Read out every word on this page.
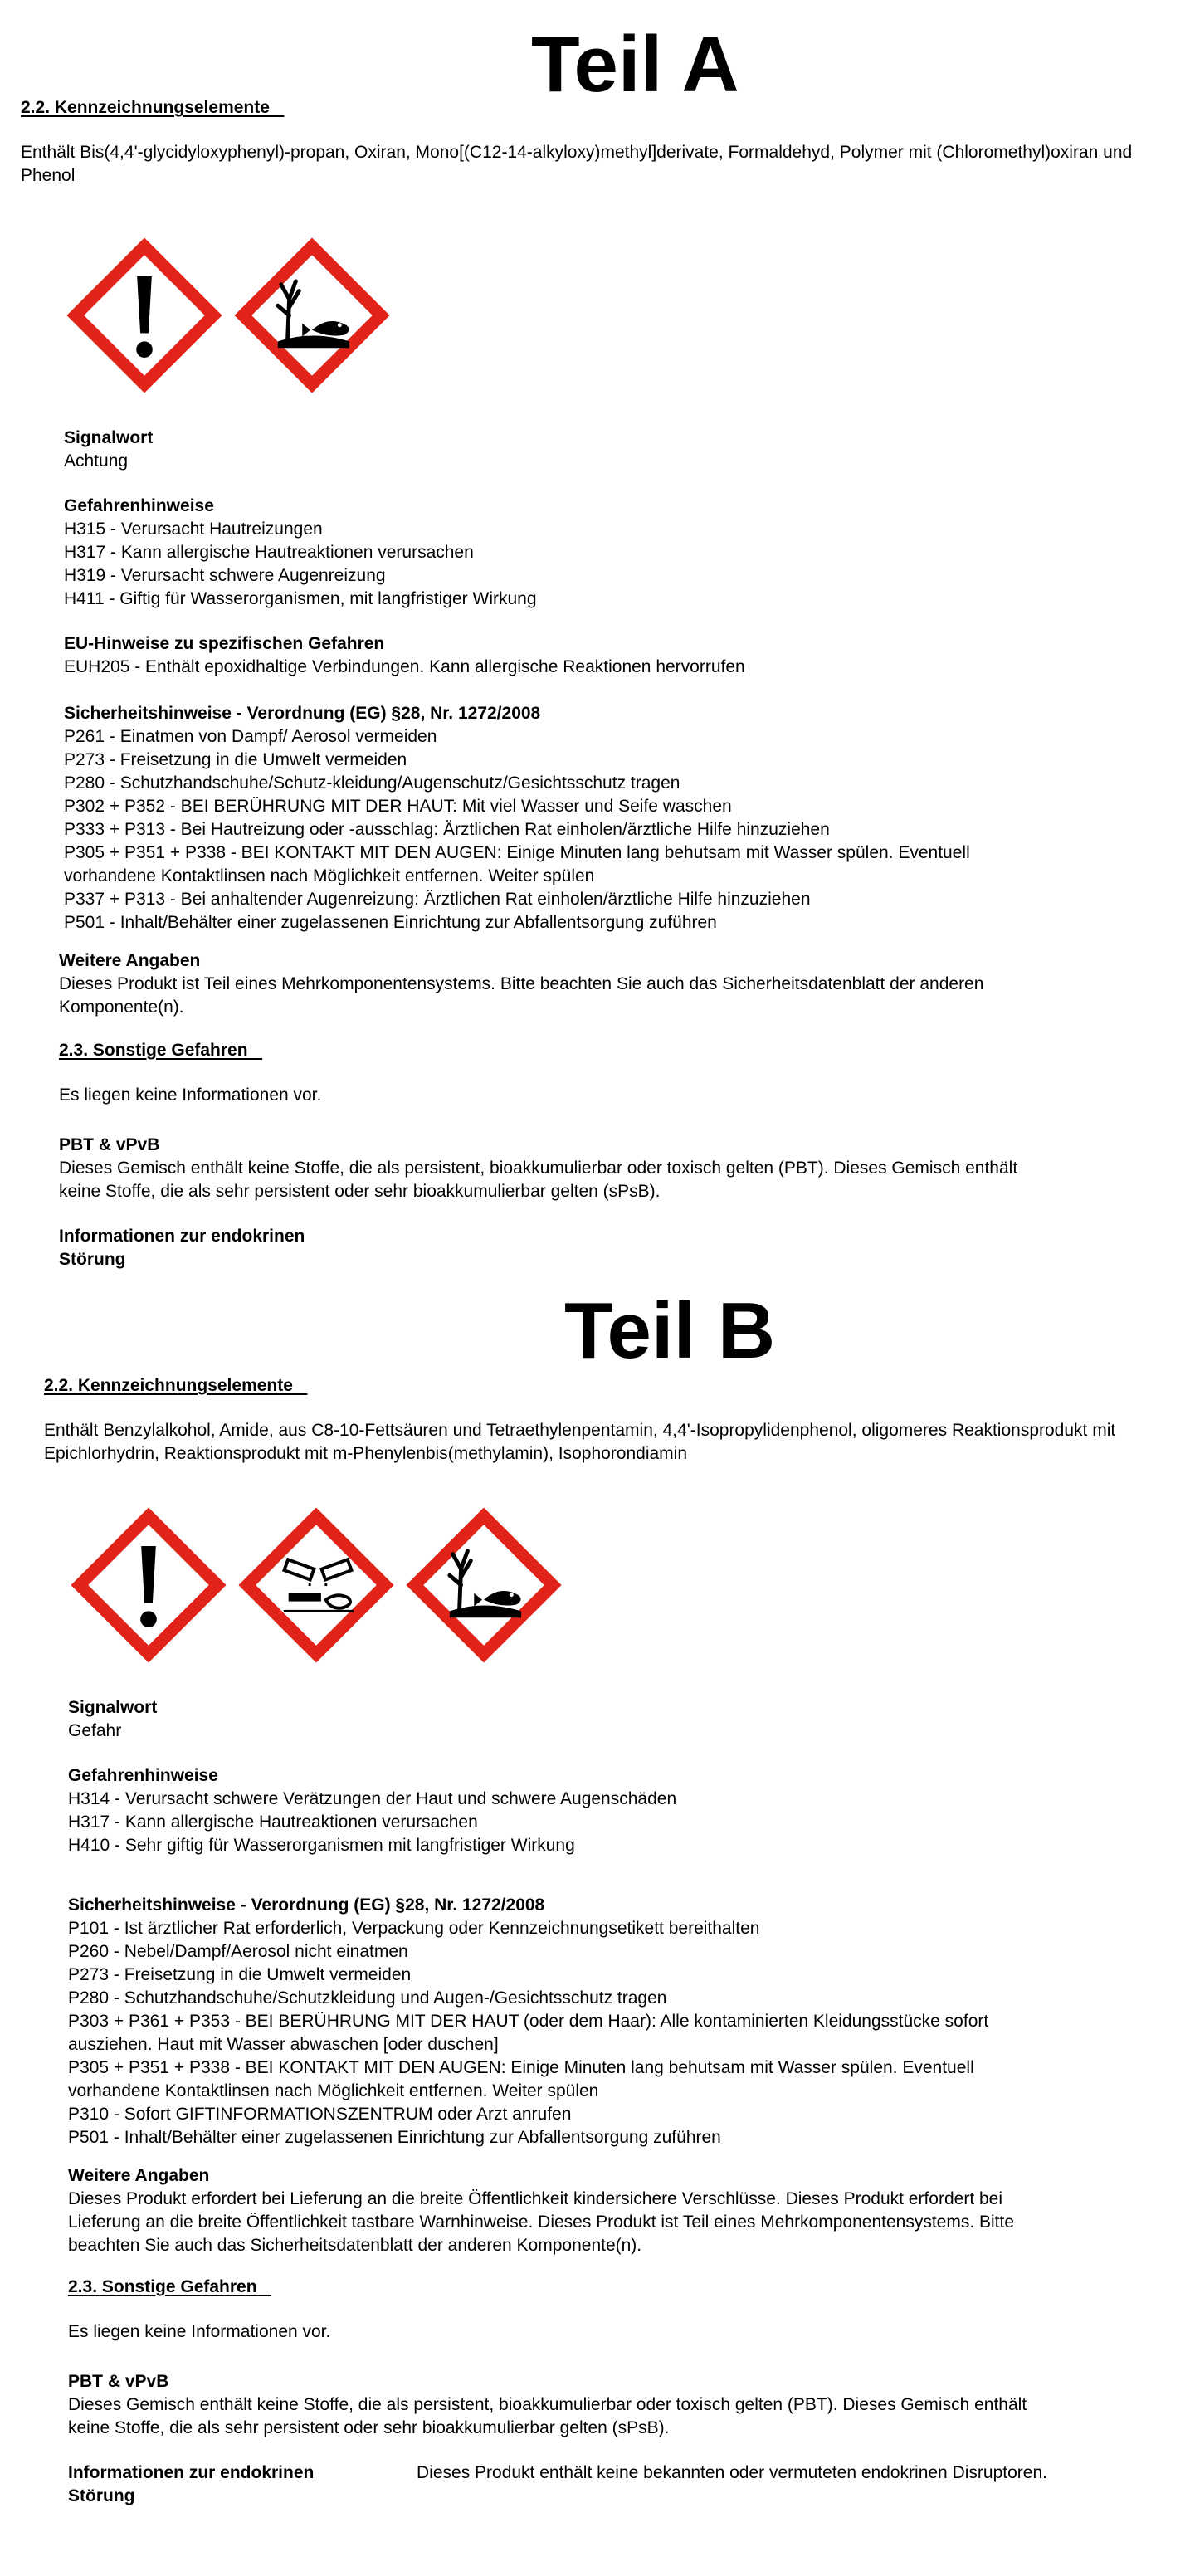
Teil A
2.2. Kennzeichnungselemente
Enthält Bis(4,4'-glycidyloxyphenyl)-propan, Oxiran, Mono[(C12-14-alkyloxy)methyl]derivate, Formaldehyd, Polymer mit (Chloromethyl)oxiran und Phenol
Signalwort
Achtung
Gefahrenhinweise
H315 - Verursacht Hautreizungen
H317 - Kann allergische Hautreaktionen verursachen
H319 - Verursacht schwere Augenreizung
H411 - Giftig für Wasserorganismen, mit langfristiger Wirkung
EU-Hinweise zu spezifischen Gefahren
EUH205 - Enthält epoxidhaltige Verbindungen. Kann allergische Reaktionen hervorrufen
Sicherheitshinweise - Verordnung (EG) §28, Nr. 1272/2008
P261 - Einatmen von Dampf/ Aerosol vermeiden
P273 - Freisetzung in die Umwelt vermeiden
P280 - Schutzhandschuhe/Schutz-kleidung/Augenschutz/Gesichtsschutz tragen
P302 + P352 - BEI BERÜHRUNG MIT DER HAUT: Mit viel Wasser und Seife waschen
P333 + P313 - Bei Hautreizung oder -ausschlag: Ärztlichen Rat einholen/ärztliche Hilfe hinzuziehen
P305 + P351 + P338 - BEI KONTAKT MIT DEN AUGEN: Einige Minuten lang behutsam mit Wasser spülen. Eventuell
vorhandene Kontaktlinsen nach Möglichkeit entfernen. Weiter spülen
P337 + P313 - Bei anhaltender Augenreizung: Ärztlichen Rat einholen/ärztliche Hilfe hinzuziehen
P501 - Inhalt/Behälter einer zugelassenen Einrichtung zur Abfallentsorgung zuführen
Weitere Angaben
Dieses Produkt ist Teil eines Mehrkomponentensystems. Bitte beachten Sie auch das Sicherheitsdatenblatt der anderen
Komponente(n).
2.3. Sonstige Gefahren
Es liegen keine Informationen vor.
PBT & vPvB
Dieses Gemisch enthält keine Stoffe, die als persistent, bioakkumulierbar oder toxisch gelten (PBT). Dieses Gemisch enthält
keine Stoffe, die als sehr persistent oder sehr bioakkumulierbar gelten (sPsB).
Informationen zur endokrinen
Störung
Teil B
2.2. Kennzeichnungselemente
Enthält Benzylalkohol, Amide, aus C8-10-Fettsäuren und Tetraethylenpentamin, 4,4'-Isopropylidenphenol, oligomeres Reaktionsprodukt mit Epichlorhydrin, Reaktionsprodukt mit m-Phenylenbis(methylamin), Isophorondiamin
Signalwort
Gefahr
Gefahrenhinweise
H314 - Verursacht schwere Verätzungen der Haut und schwere Augenschäden
H317 - Kann allergische Hautreaktionen verursachen
H410 - Sehr giftig für Wasserorganismen mit langfristiger Wirkung
Sicherheitshinweise - Verordnung (EG) §28, Nr. 1272/2008
P101 - Ist ärztlicher Rat erforderlich, Verpackung oder Kennzeichnungsetikett bereithalten
P260 - Nebel/Dampf/Aerosol nicht einatmen
P273 - Freisetzung in die Umwelt vermeiden
P280 - Schutzhandschuhe/Schutzkleidung und Augen-/Gesichtsschutz tragen
P303 + P361 + P353 - BEI BERÜHRUNG MIT DER HAUT (oder dem Haar): Alle kontaminierten Kleidungsstücke sofort
ausziehen. Haut mit Wasser abwaschen [oder duschen]
P305 + P351 + P338 - BEI KONTAKT MIT DEN AUGEN: Einige Minuten lang behutsam mit Wasser spülen. Eventuell
vorhandene Kontaktlinsen nach Möglichkeit entfernen. Weiter spülen
P310 - Sofort GIFTINFORMATIONSZENTRUM oder Arzt anrufen
P501 - Inhalt/Behälter einer zugelassenen Einrichtung zur Abfallentsorgung zuführen
Weitere Angaben
Dieses Produkt erfordert bei Lieferung an die breite Öffentlichkeit kindersichere Verschlüsse. Dieses Produkt erfordert bei
Lieferung an die breite Öffentlichkeit tastbare Warnhinweise. Dieses Produkt ist Teil eines Mehrkomponentensystems. Bitte
beachten Sie auch das Sicherheitsdatenblatt der anderen Komponente(n).
2.3. Sonstige Gefahren
Es liegen keine Informationen vor.
PBT & vPvB
Dieses Gemisch enthält keine Stoffe, die als persistent, bioakkumulierbar oder toxisch gelten (PBT). Dieses Gemisch enthält
keine Stoffe, die als sehr persistent oder sehr bioakkumulierbar gelten (sPsB).
Informationen zur endokrinen
Störung
Dieses Produkt enthält keine bekannten oder vermuteten endokrinen Disruptoren.
